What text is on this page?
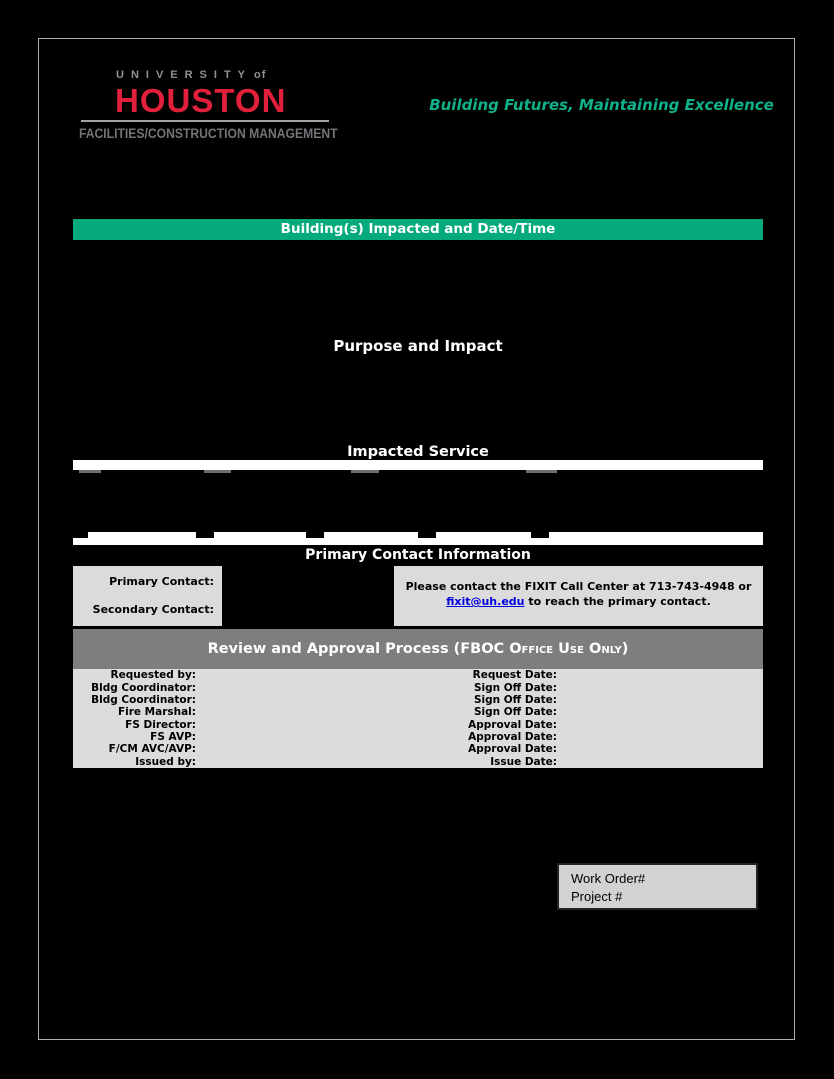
UNIVERSITY of
HOUSTON
FACILITIES/CONSTRUCTION MANAGEMENT
Building Futures, Maintaining Excellence
Building(s) Impacted and Date/Time
Purpose and Impact
Impacted Service
Primary Contact Information
Primary Contact:
Secondary Contact:
Please contact the FIXIT Call Center at 713-743-4948 or
fixit@uh.edu to reach the primary contact.
Review and Approval Process (FBOC Office Use Only)
Requested by:	Request Date:
Bldg Coordinator:	Sign Off Date:
Bldg Coordinator:	Sign Off Date:
Fire Marshal:	Sign Off Date:
FS Director:	Approval Date:
FS AVP:	Approval Date:
F/CM AVC/AVP:	Approval Date:
Issued by:	Issue Date:
Work Order#
Project #
